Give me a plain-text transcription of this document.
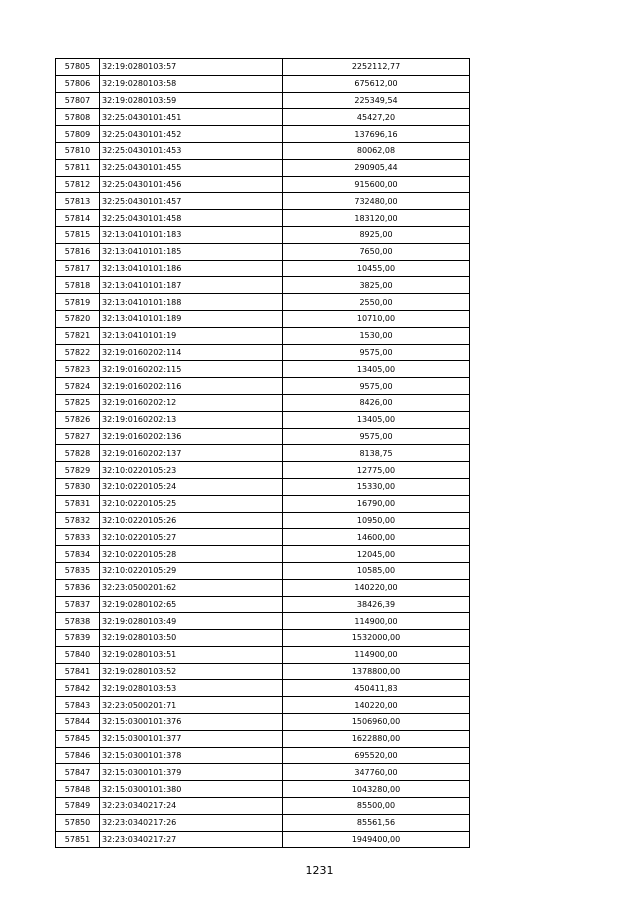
57805	32:19:0280103:57	2252112,77
57806	32:19:0280103:58	675612,00
57807	32:19:0280103:59	225349,54
57808	32:25:0430101:451	45427,20
57809	32:25:0430101:452	137696,16
57810	32:25:0430101:453	80062,08
57811	32:25:0430101:455	290905,44
57812	32:25:0430101:456	915600,00
57813	32:25:0430101:457	732480,00
57814	32:25:0430101:458	183120,00
57815	32:13:0410101:183	8925,00
57816	32:13:0410101:185	7650,00
57817	32:13:0410101:186	10455,00
57818	32:13:0410101:187	3825,00
57819	32:13:0410101:188	2550,00
57820	32:13:0410101:189	10710,00
57821	32:13:0410101:19	1530,00
57822	32:19:0160202:114	9575,00
57823	32:19:0160202:115	13405,00
57824	32:19:0160202:116	9575,00
57825	32:19:0160202:12	8426,00
57826	32:19:0160202:13	13405,00
57827	32:19:0160202:136	9575,00
57828	32:19:0160202:137	8138,75
57829	32:10:0220105:23	12775,00
57830	32:10:0220105:24	15330,00
57831	32:10:0220105:25	16790,00
57832	32:10:0220105:26	10950,00
57833	32:10:0220105:27	14600,00
57834	32:10:0220105:28	12045,00
57835	32:10:0220105:29	10585,00
57836	32:23:0500201:62	140220,00
57837	32:19:0280102:65	38426,39
57838	32:19:0280103:49	114900,00
57839	32:19:0280103:50	1532000,00
57840	32:19:0280103:51	114900,00
57841	32:19:0280103:52	1378800,00
57842	32:19:0280103:53	450411,83
57843	32:23:0500201:71	140220,00
57844	32:15:0300101:376	1506960,00
57845	32:15:0300101:377	1622880,00
57846	32:15:0300101:378	695520,00
57847	32:15:0300101:379	347760,00
57848	32:15:0300101:380	1043280,00
57849	32:23:0340217:24	85500,00
57850	32:23:0340217:26	85561,56
57851	32:23:0340217:27	1949400,00
1231
